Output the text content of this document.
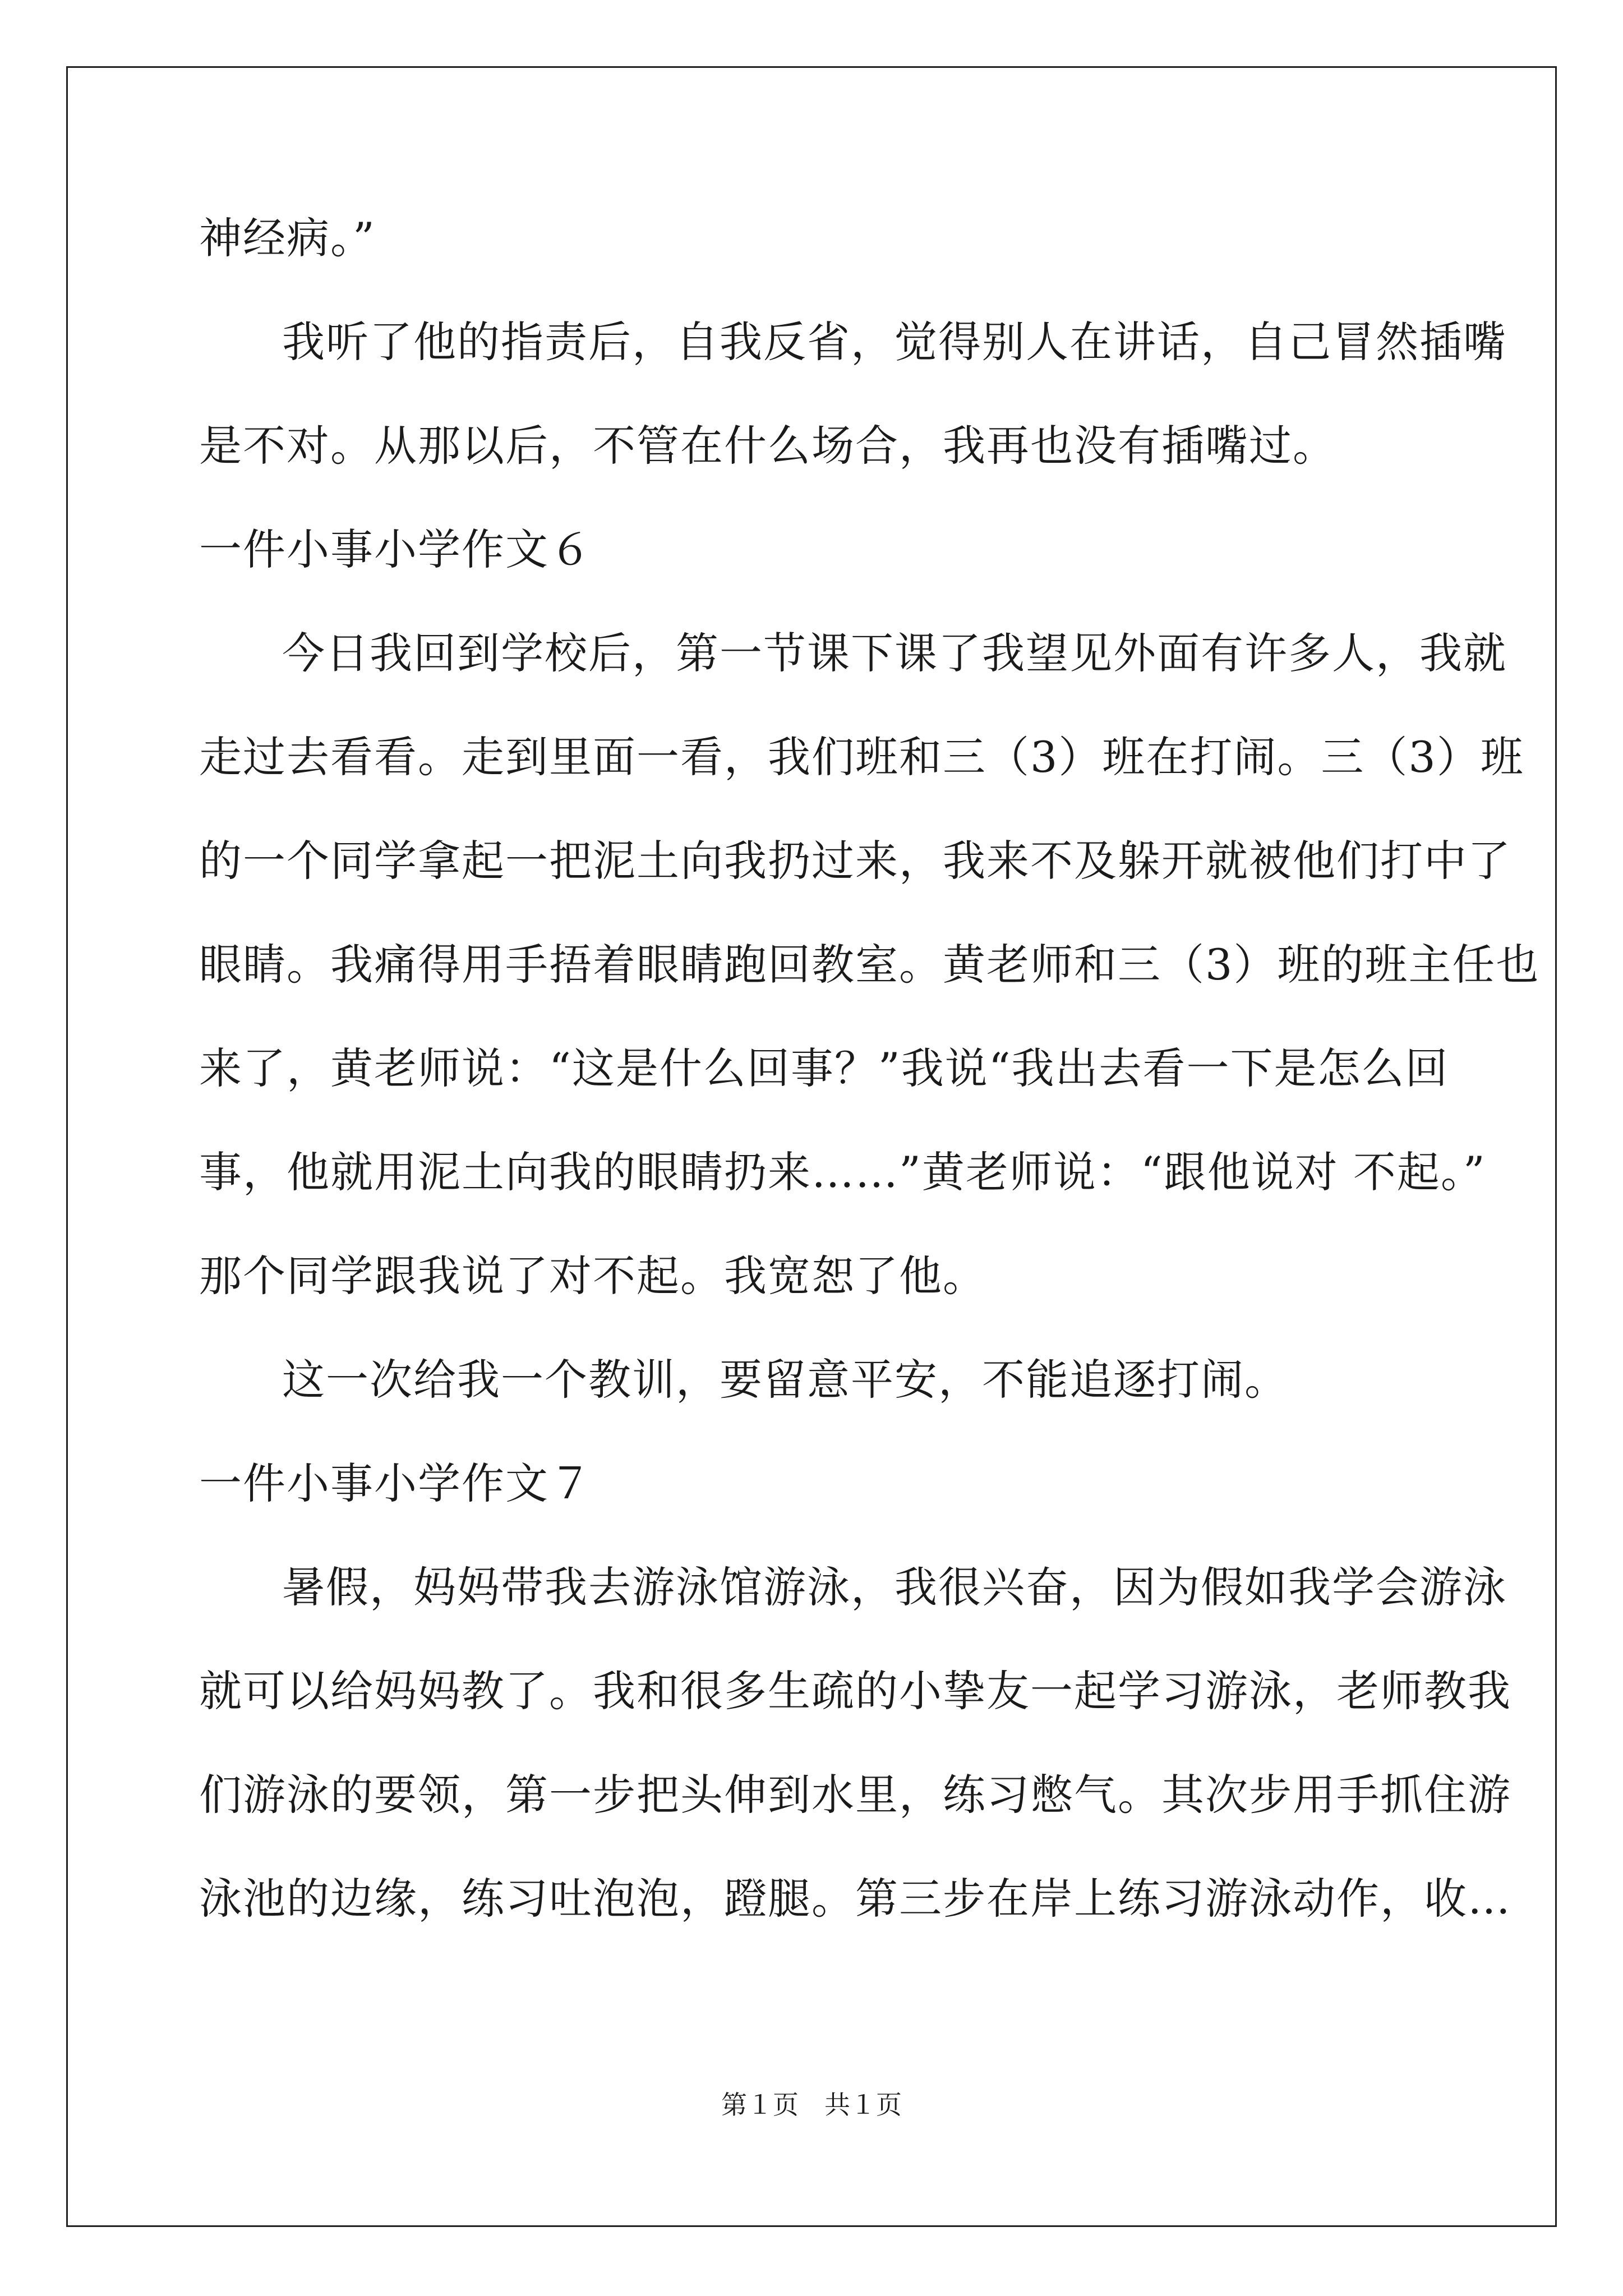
神经病。”
我听了他的指责后，自我反省，觉得别人在讲话，自己冒然插嘴
是不对。从那以后，不管在什么场合，我再也没有插嘴过。
一件小事小学作文６
今日我回到学校后，第一节课下课了我望见外面有许多人，我就
走过去看看。走到里面一看，我们班和三（3）班在打闹。三（3）班
的一个同学拿起一把泥土向我扔过来，我来不及躲开就被他们打中了
眼睛。我痛得用手捂着眼睛跑回教室。黄老师和三（3）班的班主任也
来了，黄老师说：“这是什么回事？”我说“我出去看一下是怎么回
事，他就用泥土向我的眼睛扔来……”黄老师说：“跟他说对 不起。”
那个同学跟我说了对不起。我宽恕了他。
这一次给我一个教训，要留意平安，不能追逐打闹。
一件小事小学作文７
暑假，妈妈带我去游泳馆游泳，我很兴奋，因为假如我学会游泳
就可以给妈妈教了。我和很多生疏的小挚友一起学习游泳，老师教我
们游泳的要领，第一步把头伸到水里，练习憋气。其次步用手抓住游
泳池的边缘，练习吐泡泡，蹬腿。第三步在岸上练习游泳动作，收…
第１页　共１页
